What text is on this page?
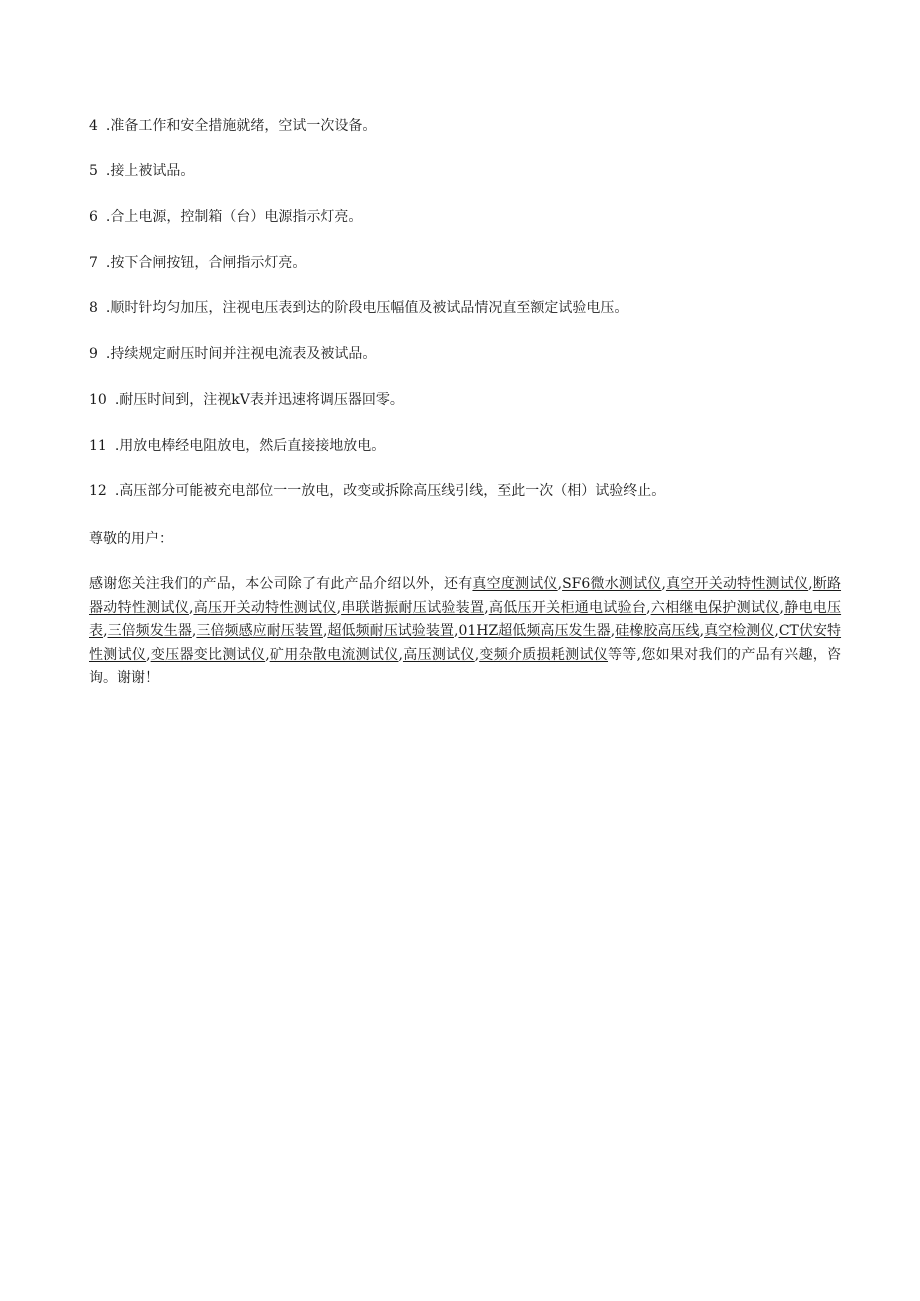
4 .准备工作和安全措施就绪，空试一次设备。
5 .接上被试品。
6 .合上电源，控制箱（台）电源指示灯亮。
7 .按下合闸按钮，合闸指示灯亮。
8 .顺时针均匀加压，注视电压表到达的阶段电压幅值及被试品情况直至额定试验电压。
9 .持续规定耐压时间并注视电流表及被试品。
10 .耐压时间到，注视kV表并迅速将调压器回零。
11 .用放电棒经电阻放电，然后直接接地放电。
12 .高压部分可能被充电部位一一放电，改变或拆除高压线引线，至此一次（相）试验终止。
尊敬的用户：
感谢您关注我们的产品，本公司除了有此产品介绍以外，还有真空度测试仪,SF6微水测试仪,真空开关动特性测试仪,断路器动特性测试仪,高压开关动特性测试仪,串联谐振耐压试验装置,高低压开关柜通电试验台,六相继电保护测试仪,静电电压表,三倍频发生器,三倍频感应耐压装置,超低频耐压试验装置,01HZ超低频高压发生器,硅橡胶高压线,真空检测仪,CT伏安特性测试仪,变压器变比测试仪,矿用杂散电流测试仪,高压测试仪,变频介质损耗测试仪等等,您如果对我们的产品有兴趣，咨询。谢谢！
